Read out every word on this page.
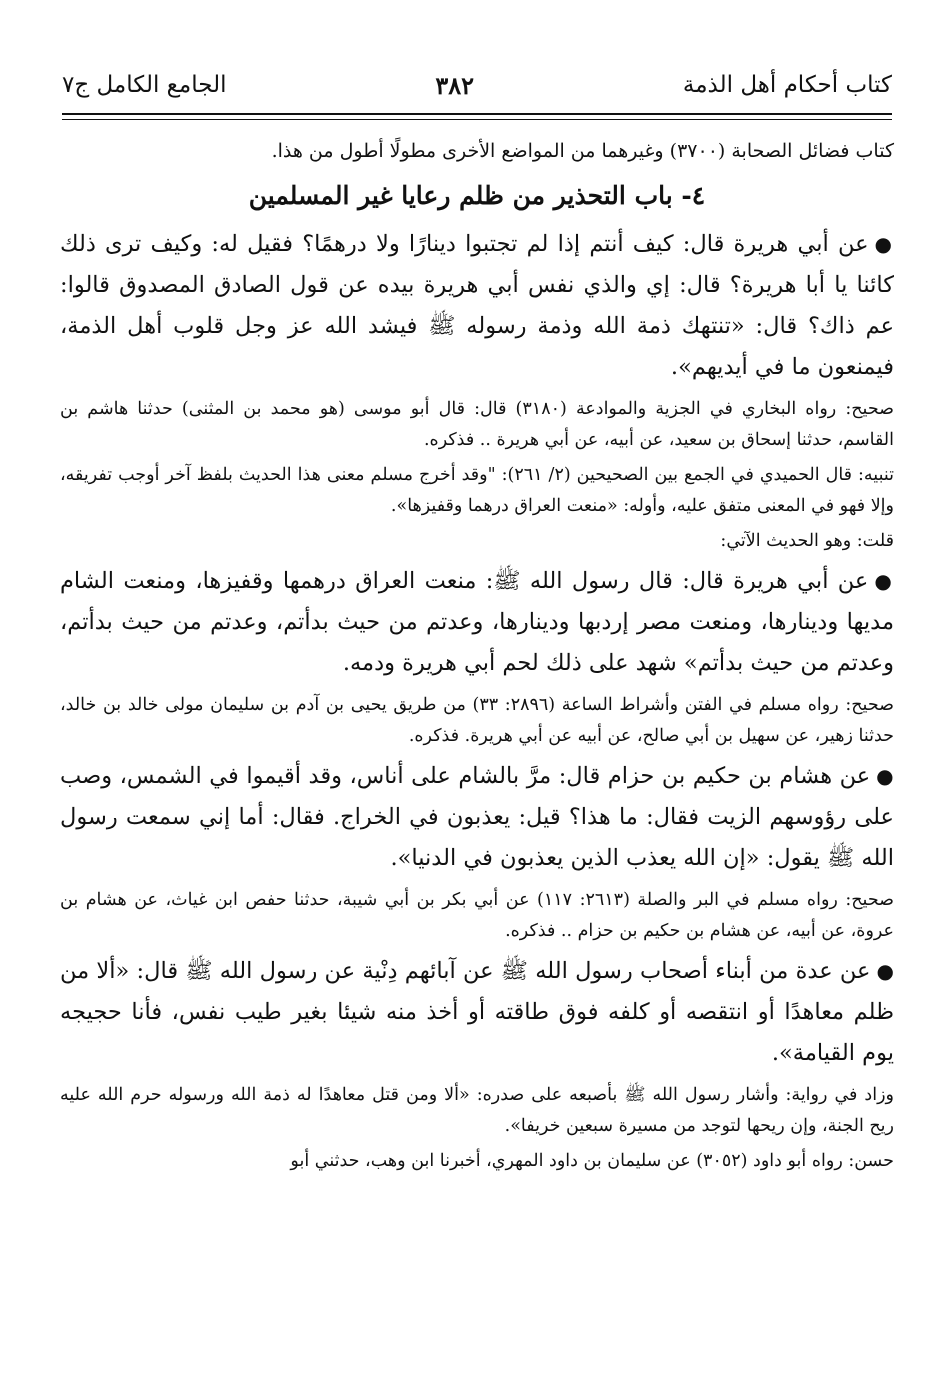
كتاب أحكام أهل الذمة
٣٨٢
الجامع الكامل ج٧

كتاب فضائل الصحابة (٣٧٠٠) وغيرهما من المواضع الأخرى مطولًا أطول من هذا.

٤- باب التحذير من ظلم رعايا غير المسلمين

●عن أبي هريرة قال: كيف أنتم إذا لم تجتبوا دينارًا ولا درهمًا؟ فقيل له: وكيف ترى ذلك كائنا يا أبا هريرة؟ قال: إي والذي نفس أبي هريرة بيده عن قول الصادق المصدوق قالوا: عم ذاك؟ قال: «تنتهك ذمة الله وذمة رسوله ﷺ فيشد الله عز وجل قلوب أهل الذمة، فيمنعون ما في أيديهم».

صحيح: رواه البخاري في الجزية والموادعة (٣١٨٠) قال: قال أبو موسى (هو محمد بن المثنى) حدثنا هاشم بن القاسم، حدثنا إسحاق بن سعيد، عن أبيه، عن أبي هريرة .. فذكره.

تنبيه: قال الحميدي في الجمع بين الصحيحين (٢/ ٢٦١): "وقد أخرج مسلم معنى هذا الحديث بلفظ آخر أوجب تفريقه، وإلا فهو في المعنى متفق عليه، وأوله: «منعت العراق درهما وقفيزها».

قلت: وهو الحديث الآتي:

●عن أبي هريرة قال: قال رسول الله ﷺ: منعت العراق درهمها وقفيزها، ومنعت الشام مديها ودينارها، ومنعت مصر إردبها ودينارها، وعدتم من حيث بدأتم، وعدتم من حيث بدأتم، وعدتم من حيث بدأتم» شهد على ذلك لحم أبي هريرة ودمه.

صحيح: رواه مسلم في الفتن وأشراط الساعة (٢٨٩٦: ٣٣) من طريق يحيى بن آدم بن سليمان مولى خالد بن خالد، حدثنا زهير، عن سهيل بن أبي صالح، عن أبيه عن أبي هريرة. فذكره.

●عن هشام بن حكيم بن حزام قال: مرَّ بالشام على أناس، وقد أقيموا في الشمس، وصب على رؤوسهم الزيت فقال: ما هذا؟ قيل: يعذبون في الخراج. فقال: أما إني سمعت رسول الله ﷺ يقول: «إن الله يعذب الذين يعذبون في الدنيا».

صحيح: رواه مسلم في البر والصلة (٢٦١٣: ١١٧) عن أبي بكر بن أبي شيبة، حدثنا حفص ابن غياث، عن هشام بن عروة، عن أبيه، عن هشام بن حكيم بن حزام .. فذكره.

●عن عدة من أبناء أصحاب رسول الله ﷺ عن آبائهم دِنْية عن رسول الله ﷺ قال: «ألا من ظلم معاهدًا أو انتقصه أو كلفه فوق طاقته أو أخذ منه شيئا بغير طيب نفس، فأنا حجيجه يوم القيامة».

وزاد في رواية: وأشار رسول الله ﷺ بأصبعه على صدره: «ألا ومن قتل معاهدًا له ذمة الله ورسوله حرم الله عليه ريح الجنة، وإن ريحها لتوجد من مسيرة سبعين خريفا».

حسن: رواه أبو داود (٣٠٥٢) عن سليمان بن داود المهري، أخبرنا ابن وهب، حدثني أبو
